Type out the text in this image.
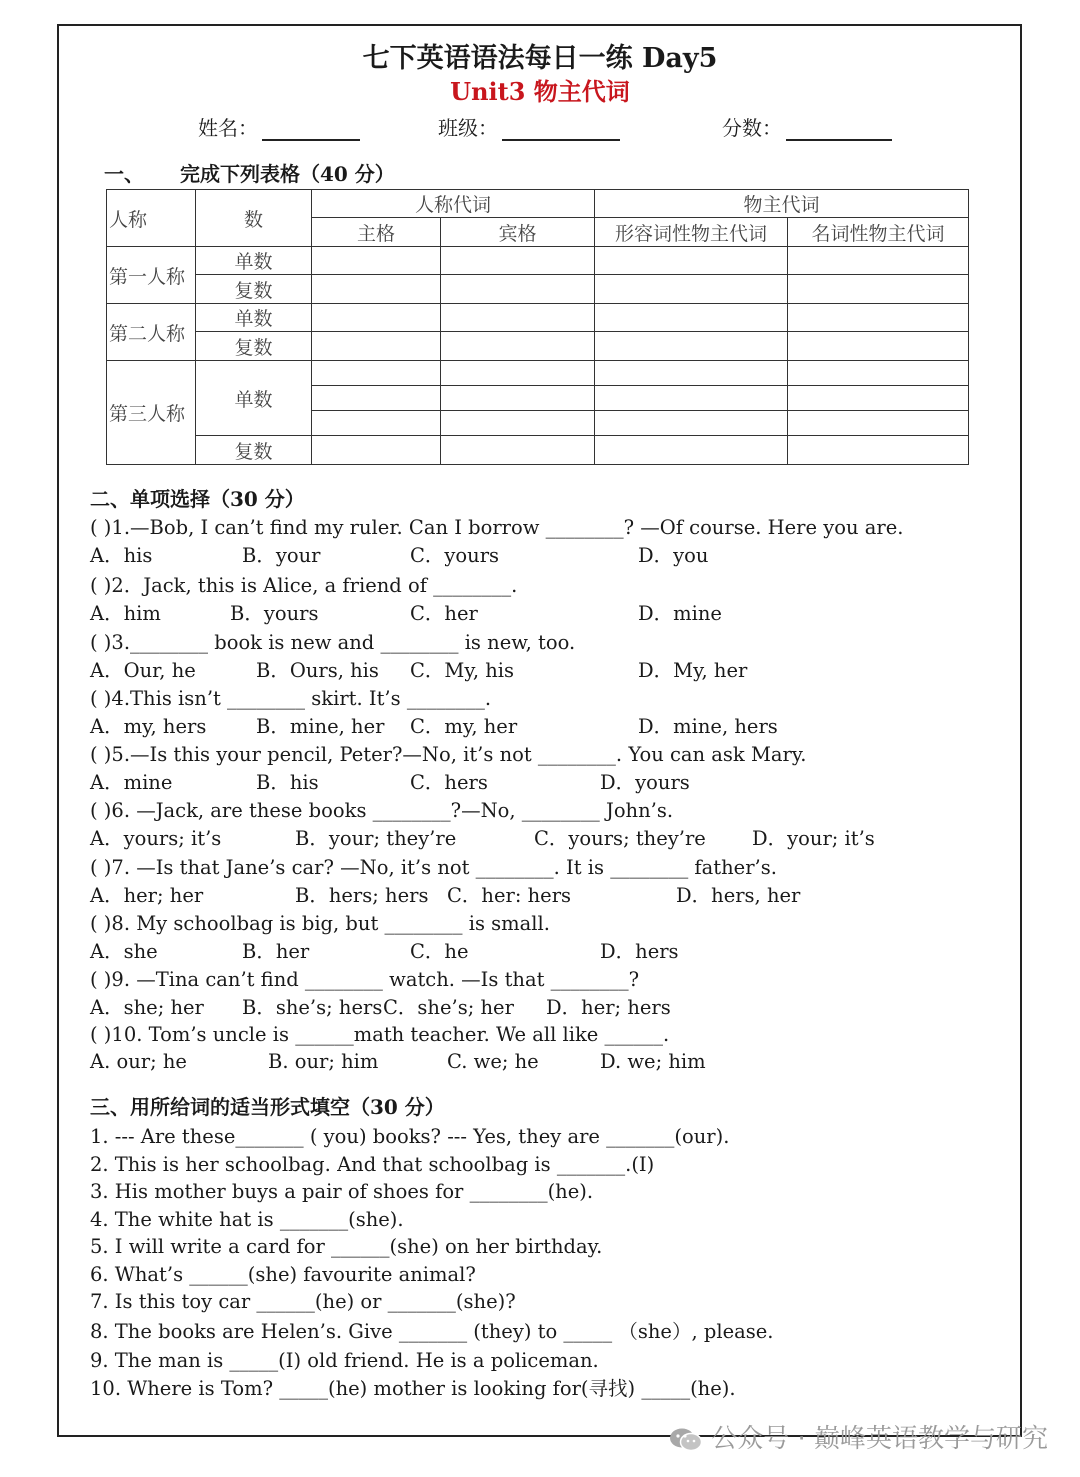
七下英语语法每日一练 Day5
Unit3 物主代词
姓名：	班级：	分数：
一、 完成下列表格（40 分）
人称	数	人称代词		物主代词	
		主格	宾格	形容词性物主代词	名词性物主代词
第一人称	单数				
	复数				
第二人称	单数				
	复数				
第三人称	单数				

	复数				
二、单项选择（30 分）
( )1.—Bob, I can’t find my ruler. Can I borrow ________? —Of course. Here you are.
A．his	B．your	C．yours	D．you
( )2．Jack, this is Alice, a friend of ________.
A．him	B．yours	C．her	D．mine
( )3.________ book is new and ________ is new, too.
A．Our, he	B．Ours, his C．My, his	D．My, her
( )4.This isn’t ________ skirt. It’s ________.
A．my, hers	B．mine, her C．my, her	D．mine, hers
( )5.—Is this your pencil, Peter?—No, it’s not ________. You can ask Mary.
A．mine	B．his	C．hers	D．yours
( )6. —Jack, are these books ________?—No, ________ John’s.
A．yours; it’s	B．your; they’re	C．yours; they’re D．your; it’s
( )7. —Is that Jane’s car? —No, it’s not ________. It is ________ father’s.
A．her; her	B．hers; hers C．her: hers	D．hers, her
( )8. My schoolbag is big, but ________ is small.
A．she	B．her	C．he	D．hers
( )9. —Tina can’t find ________ watch. —Is that ________?
A．she; her B．she’s; hers C．she’s; her D．her; hers
( )10. Tom’s uncle is ______math teacher. We all like ______.
A. our; he	B. our; him	C. we; he	D. we; him
三、用所给词的适当形式填空（30 分）
1. --- Are these_______ ( you) books? --- Yes, they are _______(our).
2. This is her schoolbag. And that schoolbag is _______.(I)
3. His mother buys a pair of shoes for ________(he).
4. The white hat is _______(she).
5. I will write a card for ______(she) on her birthday.
6. What’s ______(she) favourite animal?
7. Is this toy car ______(he) or _______(she)?
8. The books are Helen’s. Give _______ (they) to _____ （she）, please.
9. The man is _____(I) old friend. He is a policeman.
10. Where is Tom? _____(he) mother is looking for(寻找) _____(he).
公众号 · 巅峰英语教学与研究
